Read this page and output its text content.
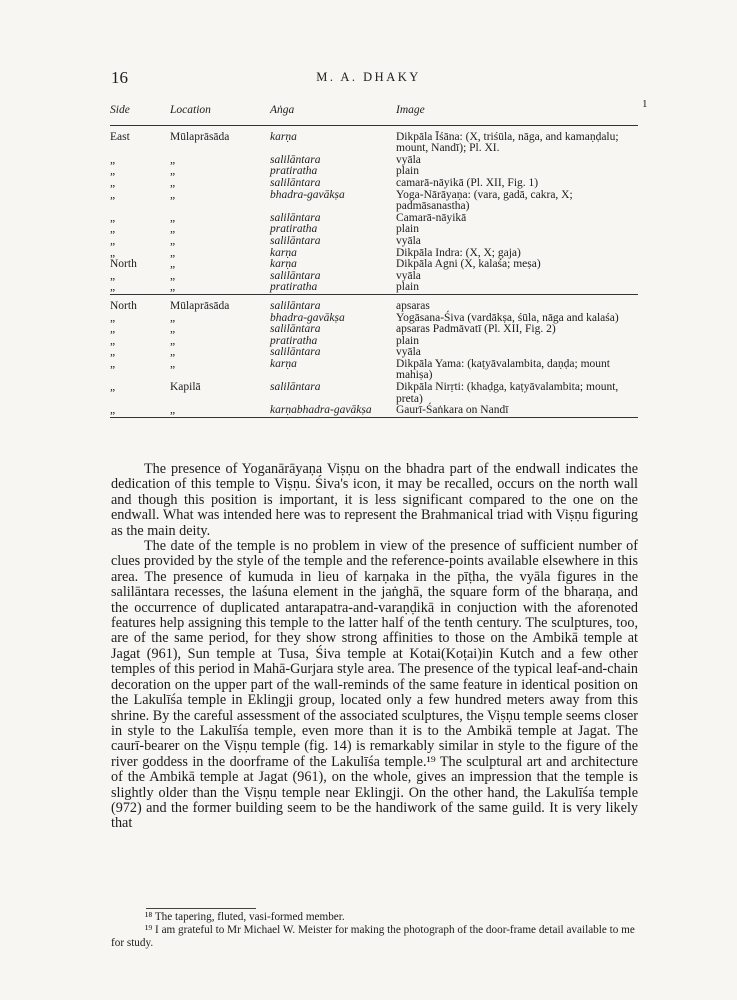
16	M. A. DHAKY
1
Side	Location	Aṅga	Image
East	Mūlaprāsāda	karṇa	Dikpāla Īśāna: (X, triśūla, nāga, and kamaṇḍalu; mount, Nandī); Pl. XI.
„	„	salilāntara	vyāla
„	„	pratiratha	plain
„	„	salilāntara	camarā-nāyikā (Pl. XII, Fig. 1)
„	„	bhadra-gavākṣa	Yoga-Nārāyaṇa: (vara, gadā, cakra, X; padmāsanastha)
„	„	salilāntara	Camarā-nāyikā
„	„	pratiratha	plain
„	„	salilāntara	vyāla
„	„	karṇa	Dikpāla Indra: (X, X; gaja)
North	„	karṇa	Dikpāla Agni (X, kalaśa; meṣa)
„	„	salilāntara	vyāla
„	„	pratiratha	plain
North	Mūlaprāsāda	salilāntara	apsaras
„	„	bhadra-gavākṣa	Yogāsana-Śiva (vardākṣa, śūla, nāga and kalaśa)
„	„	salilāntara	apsaras Padmāvatī (Pl. XII, Fig. 2)
„	„	pratiratha	plain
„	„	salilāntara	vyāla
„	„	karṇa	Dikpāla Yama: (kaṭyāvalambita, daṇḍa; mount mahiṣa)
„	Kapilā	salilāntara	Dikpāla Nirṛti: (khaḍga, kaṭyāvalambita; mount, preta)
„	„	karṇabhadra-gavākṣa	Gaurī-Śaṅkara on Nandī

The presence of Yoganārāyaṇa Viṣṇu on the bhadra part of the endwall indicates the dedication of this temple to Viṣṇu. Śiva's icon, it may be recalled, occurs on the north wall and though this position is important, it is less significant compared to the one on the endwall. What was intended here was to represent the Brahmanical triad with Viṣṇu figuring as the main deity.

The date of the temple is no problem in view of the presence of sufficient number of clues provided by the style of the temple and the reference-points available elsewhere in this area. The presence of kumuda in lieu of karṇaka in the pīṭha, the vyāla figures in the salilāntara recesses, the laśuna element in the jaṅghā, the square form of the bharaṇa, and the occurrence of duplicated antarapatra-and-varaṇḍikā in conjuction with the aforenoted features help assigning this temple to the latter half of the tenth century. The sculptures, too, are of the same period, for they show strong affinities to those on the Ambikā temple at Jagat (961), Sun temple at Tusa, Śiva temple at Kotai(Koṭai)in Kutch and a few other temples of this period in Mahā-Gurjara style area. The presence of the typical leaf-and-chain decoration on the upper part of the wall-reminds of the same feature in identical position on the Lakulīśa temple in Eklingji group, located only a few hundred meters away from this shrine. By the careful assessment of the associated sculptures, the Viṣṇu temple seems closer in style to the Lakulīśa temple, even more than it is to the Ambikā temple at Jagat. The caurī-bearer on the Viṣṇu temple (fig. 14) is remarkably similar in style to the figure of the river goddess in the doorframe of the Lakulīśa temple.¹⁹ The sculptural art and architecture of the Ambikā temple at Jagat (961), on the whole, gives an impression that the temple is slightly older than the Viṣṇu temple near Eklingji. On the other hand, the Lakulīśa temple (972) and the former building seem to be the handiwork of the same guild. It is very likely that

¹⁸ The tapering, fluted, vasi-formed member.

¹⁹ I am grateful to Mr Michael W. Meister for making the photograph of the door-frame detail available to me for study.
